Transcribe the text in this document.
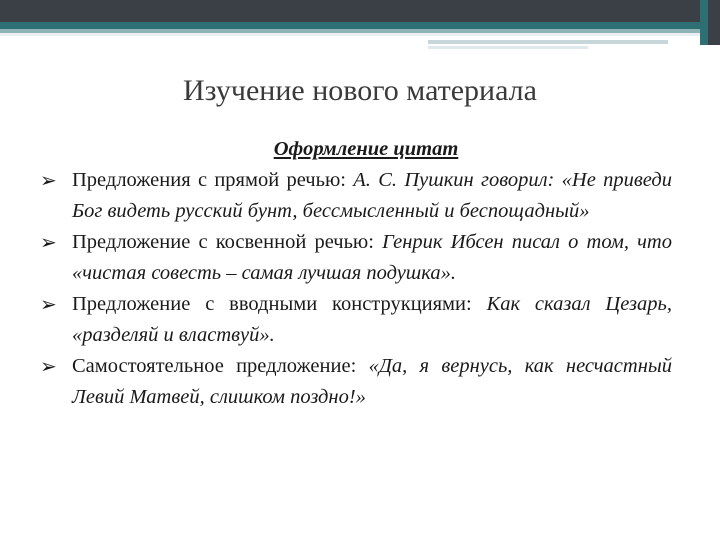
Изучение нового материала

Оформление цитат

➢ Предложения с прямой речью: А. С. Пушкин говорил: «Не приведи Бог видеть русский бунт, бессмысленный и беспощадный»

➢ Предложение с косвенной речью: Генрик Ибсен писал о том, что «чистая совесть – самая лучшая подушка».

➢ Предложение с вводными конструкциями: Как сказал Цезарь, «разделяй и властвуй».

➢ Самостоятельное предложение: «Да, я вернусь, как несчастный Левий Матвей, слишком поздно!»
